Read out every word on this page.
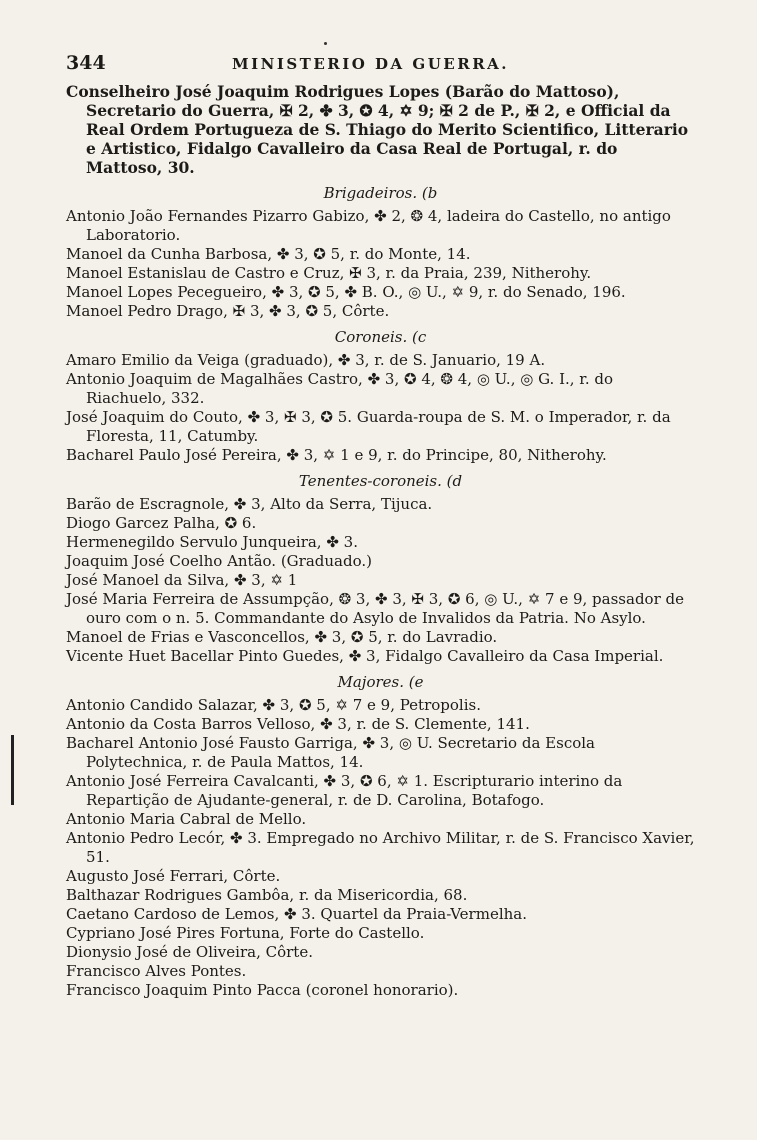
344	MINISTERIO DA GUERRA.

Conselheiro José Joaquim Rodrigues Lopes (Barão do Mattoso), Secretario do Guerra, ✠ 2, ✤ 3, ✪ 4, ✡ 9; ✠ 2 de P., ✠ 2, e Official da Real Ordem Portugueza de S. Thiago do Merito Scientifico, Litterario e Artistico, Fidalgo Cavalleiro da Casa Real de Portugal, r. do Mattoso, 30.

Brigadeiros. (b

Antonio João Fernandes Pizarro Gabizo, ✤ 2, ❂ 4, ladeira do Castello, no antigo Laboratorio.

Manoel da Cunha Barbosa, ✤ 3, ✪ 5, r. do Monte, 14.

Manoel Estanislau de Castro e Cruz, ✠ 3, r. da Praia, 239, Nitherohy.

Manoel Lopes Pecegueiro, ✤ 3, ✪ 5, ✤ B. O., ◎ U., ✡ 9, r. do Senado, 196.

Manoel Pedro Drago, ✠ 3, ✤ 3, ✪ 5, Côrte.

Coroneis. (c

Amaro Emilio da Veiga (graduado), ✤ 3, r. de S. Januario, 19 A.

Antonio Joaquim de Magalhães Castro, ✤ 3, ✪ 4, ❂ 4, ◎ U., ◎ G. I., r. do Riachuelo, 332.

José Joaquim do Couto, ✤ 3, ✠ 3, ✪ 5. Guarda-roupa de S. M. o Imperador, r. da Floresta, 11, Catumby.

Bacharel Paulo José Pereira, ✤ 3, ✡ 1 e 9, r. do Principe, 80, Nitherohy.

Tenentes-coroneis. (d

Barão de Escragnole, ✤ 3, Alto da Serra, Tijuca.

Diogo Garcez Palha, ✪ 6.

Hermenegildo Servulo Junqueira, ✤ 3.

Joaquim José Coelho Antão. (Graduado.)

José Manoel da Silva, ✤ 3, ✡ 1

José Maria Ferreira de Assumpção, ❂ 3, ✤ 3, ✠ 3, ✪ 6, ◎ U., ✡ 7 e 9, passador de ouro com o n. 5. Commandante do Asylo de Invalidos da Patria. No Asylo.

Manoel de Frias e Vasconcellos, ✤ 3, ✪ 5, r. do Lavradio.

Vicente Huet Bacellar Pinto Guedes, ✤ 3, Fidalgo Cavalleiro da Casa Imperial.

Majores. (e

Antonio Candido Salazar, ✤ 3, ✪ 5, ✡ 7 e 9, Petropolis.

Antonio da Costa Barros Velloso, ✤ 3, r. de S. Clemente, 141.

Bacharel Antonio José Fausto Garriga, ✤ 3, ◎ U. Secretario da Escola Polytechnica, r. de Paula Mattos, 14.

Antonio José Ferreira Cavalcanti, ✤ 3, ✪ 6, ✡ 1. Escripturario interino da Repartição de Ajudante-general, r. de D. Carolina, Botafogo.

Antonio Maria Cabral de Mello.

Antonio Pedro Lecór, ✤ 3. Empregado no Archivo Militar, r. de S. Francisco Xavier, 51.

Augusto José Ferrari, Côrte.

Balthazar Rodrigues Gambôa, r. da Misericordia, 68.

Caetano Cardoso de Lemos, ✤ 3. Quartel da Praia-Vermelha.

Cypriano José Pires Fortuna, Forte do Castello.

Dionysio José de Oliveira, Côrte.

Francisco Alves Pontes.

Francisco Joaquim Pinto Pacca (coronel honorario).
